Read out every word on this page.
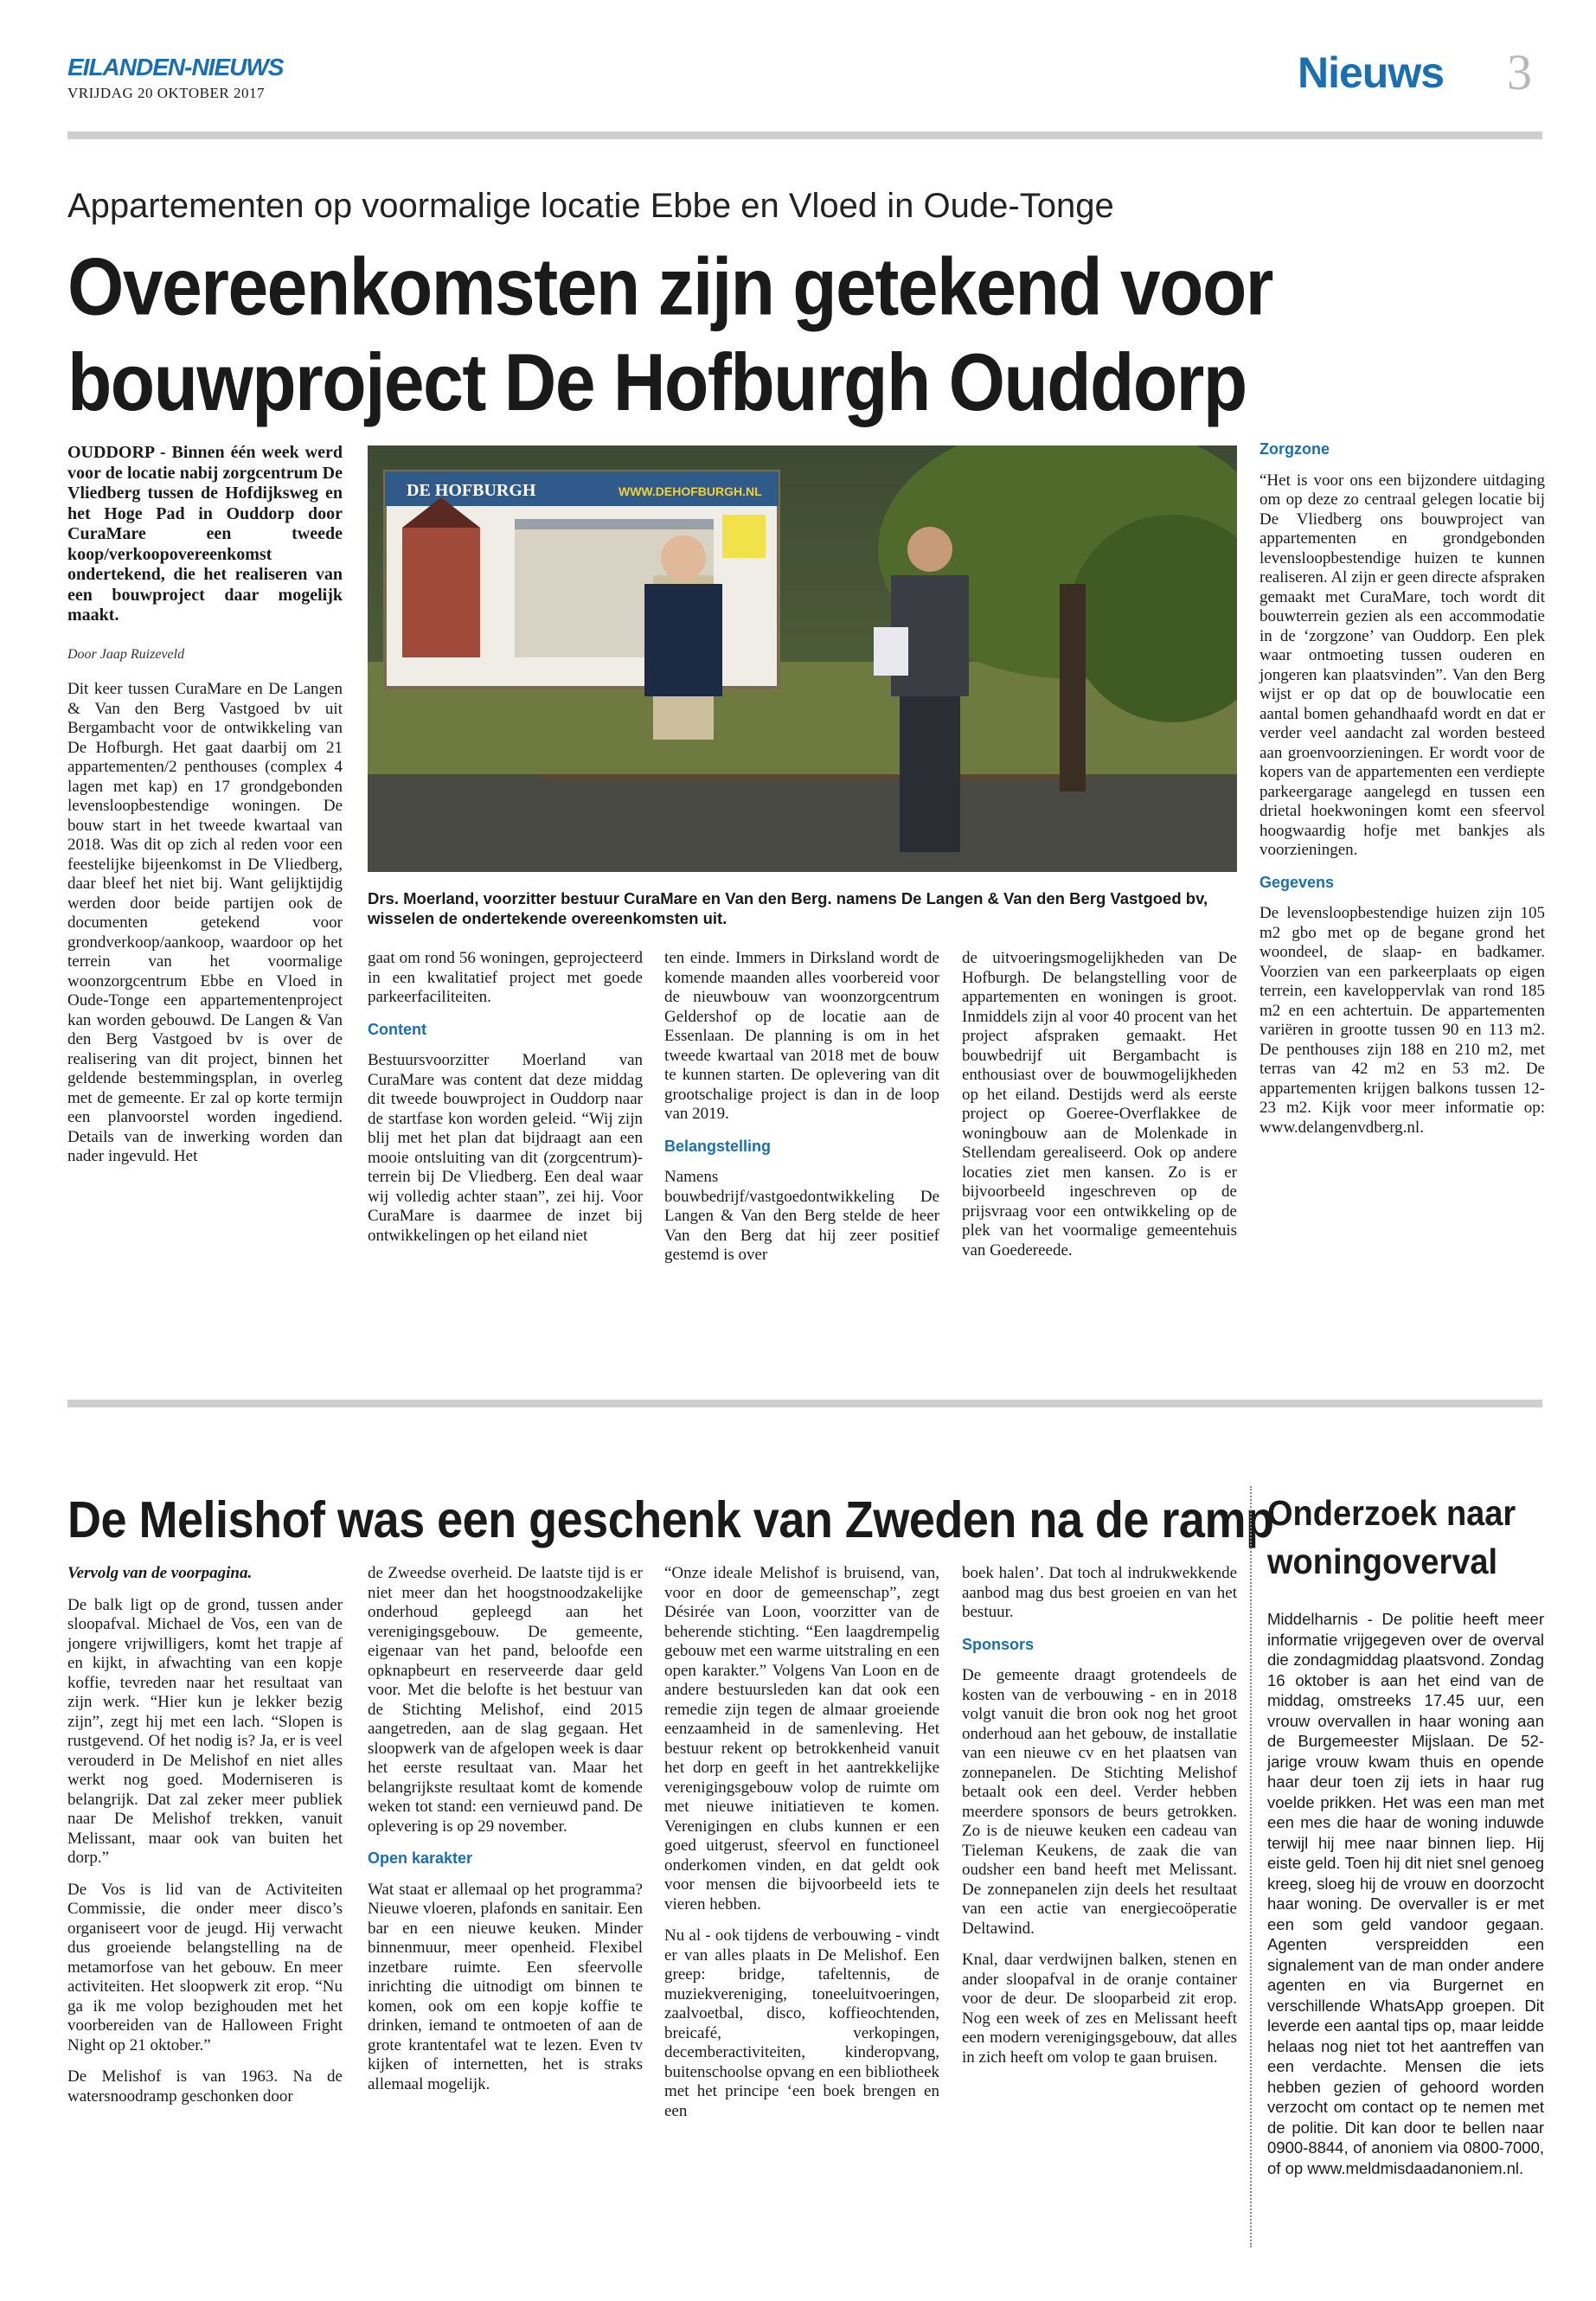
EILANDEN-NIEUWS
VRIJDAG 20 OKTOBER 2017	Nieuws 3
Appartementen op voormalige locatie Ebbe en Vloed in Oude-Tonge
Overeenkomsten zijn getekend voor bouwproject De Hofburgh Ouddorp

OUDDORP - Binnen één week werd voor de locatie nabij zorgcentrum De Vliedberg tussen de Hofdijksweg en het Hoge Pad in Ouddorp door CuraMare een tweede koop/verkoopovereenkomst ondertekend, die het realiseren van een bouwproject daar mogelijk maakt.

Door Jaap Ruizeveld

Dit keer tussen CuraMare en De Langen & Van den Berg Vastgoed bv uit Bergambacht voor de ontwikkeling van De Hofburgh. Het gaat daarbij om 21 appartementen/2 penthouses (complex 4 lagen met kap) en 17 grondgebonden levensloopbestendige woningen. De bouw start in het tweede kwartaal van 2018. Was dit op zich al reden voor een feestelijke bijeenkomst in De Vliedberg, daar bleef het niet bij. Want gelijktijdig werden door beide partijen ook de documenten getekend voor grondverkoop/aankoop, waardoor op het terrein van het voormalige woonzorgcentrum Ebbe en Vloed in Oude-Tonge een appartementenproject kan worden gebouwd. De Langen & Van den Berg Vastgoed bv is over de realisering van dit project, binnen het geldende bestemmingsplan, in overleg met de gemeente. Er zal op korte termijn een planvoorstel worden ingediend. Details van de inwerking worden dan nader ingevuld. Het

DE HOFBURGH	WWW.DEHOFBURGH.NL
Drs. Moerland, voorzitter bestuur CuraMare en Van den Berg. namens De Langen & Van den Berg Vastgoed bv, wisselen de ondertekende overeenkomsten uit.

gaat om rond 56 woningen, geprojecteerd in een kwalitatief project met goede parkeerfaciliteiten.

Content

Bestuursvoorzitter Moerland van CuraMare was content dat deze middag dit tweede bouwproject in Ouddorp naar de startfase kon worden geleid. “Wij zijn blij met het plan dat bijdraagt aan een mooie ontsluiting van dit (zorgcentrum)-terrein bij De Vliedberg. Een deal waar wij volledig achter staan”, zei hij. Voor CuraMare is daarmee de inzet bij ontwikkelingen op het eiland niet

ten einde. Immers in Dirksland wordt de komende maanden alles voorbereid voor de nieuwbouw van woonzorgcentrum Geldershof op de locatie aan de Essenlaan. De planning is om in het tweede kwartaal van 2018 met de bouw te kunnen starten. De oplevering van dit grootschalige project is dan in de loop van 2019.

Belangstelling

Namens bouwbedrijf/vastgoedontwikkeling De Langen & Van den Berg stelde de heer Van den Berg dat hij zeer positief gestemd is over

de uitvoeringsmogelijkheden van De Hofburgh. De belangstelling voor de appartementen en woningen is groot. Inmiddels zijn al voor 40 procent van het project afspraken gemaakt. Het bouwbedrijf uit Bergambacht is enthousiast over de bouwmogelijkheden op het eiland. Destijds werd als eerste project op Goeree-Overflakkee de woningbouw aan de Molenkade in Stellendam gerealiseerd. Ook op andere locaties ziet men kansen. Zo is er bijvoorbeeld ingeschreven op de prijsvraag voor een ontwikkeling op de plek van het voormalige gemeentehuis van Goedereede.

Zorgzone

“Het is voor ons een bijzondere uitdaging om op deze zo centraal gelegen locatie bij De Vliedberg ons bouwproject van appartementen en grondgebonden levensloopbestendige huizen te kunnen realiseren. Al zijn er geen directe afspraken gemaakt met CuraMare, toch wordt dit bouwterrein gezien als een accommodatie in de ‘zorgzone’ van Ouddorp. Een plek waar ontmoeting tussen ouderen en jongeren kan plaatsvinden”. Van den Berg wijst er op dat op de bouwlocatie een aantal bomen gehandhaafd wordt en dat er verder veel aandacht zal worden besteed aan groenvoorzieningen. Er wordt voor de kopers van de appartementen een verdiepte parkeergarage aangelegd en tussen een drietal hoekwoningen komt een sfeervol hoogwaardig hofje met bankjes als voorzieningen.

Gegevens

De levensloopbestendige huizen zijn 105 m2 gbo met op de begane grond het woondeel, de slaap- en badkamer. Voorzien van een parkeerplaats op eigen terrein, een kaveloppervlak van rond 185 m2 en een achtertuin. De appartementen variëren in grootte tussen 90 en 113 m2. De penthouses zijn 188 en 210 m2, met terras van 42 m2 en 53 m2. De appartementen krijgen balkons tussen 12-23 m2. Kijk voor meer informatie op: www.delangenvdberg.nl.

De Melishof was een geschenk van Zweden na de ramp

Vervolg van de voorpagina.

De balk ligt op de grond, tussen ander sloopafval. Michael de Vos, een van de jongere vrijwilligers, komt het trapje af en kijkt, in afwachting van een kopje koffie, tevreden naar het resultaat van zijn werk. “Hier kun je lekker bezig zijn”, zegt hij met een lach. “Slopen is rustgevend. Of het nodig is? Ja, er is veel verouderd in De Melishof en niet alles werkt nog goed. Moderniseren is belangrijk. Dat zal zeker meer publiek naar De Melishof trekken, vanuit Melissant, maar ook van buiten het dorp.”

De Vos is lid van de Activiteiten Commissie, die onder meer disco’s organiseert voor de jeugd. Hij verwacht dus groeiende belangstelling na de metamorfose van het gebouw. En meer activiteiten. Het sloopwerk zit erop. “Nu ga ik me volop bezighouden met het voorbereiden van de Halloween Fright Night op 21 oktober.”

De Melishof is van 1963. Na de watersnoodramp geschonken door

de Zweedse overheid. De laatste tijd is er niet meer dan het hoogstnoodzakelijke onderhoud gepleegd aan het verenigingsgebouw. De gemeente, eigenaar van het pand, beloofde een opknapbeurt en reserveerde daar geld voor. Met die belofte is het bestuur van de Stichting Melishof, eind 2015 aangetreden, aan de slag gegaan. Het sloopwerk van de afgelopen week is daar het eerste resultaat van. Maar het belangrijkste resultaat komt de komende weken tot stand: een vernieuwd pand. De oplevering is op 29 november.

Open karakter

Wat staat er allemaal op het programma? Nieuwe vloeren, plafonds en sanitair. Een bar en een nieuwe keuken. Minder binnenmuur, meer openheid. Flexibel inzetbare ruimte. Een sfeervolle inrichting die uitnodigt om binnen te komen, ook om een kopje koffie te drinken, iemand te ontmoeten of aan de grote krantentafel wat te lezen. Even tv kijken of internetten, het is straks allemaal mogelijk.

“Onze ideale Melishof is bruisend, van, voor en door de gemeenschap”, zegt Désirée van Loon, voorzitter van de beherende stichting. “Een laagdrempelig gebouw met een warme uitstraling en een open karakter.” Volgens Van Loon en de andere bestuursleden kan dat ook een remedie zijn tegen de almaar groeiende eenzaamheid in de samenleving. Het bestuur rekent op betrokkenheid vanuit het dorp en geeft in het aantrekkelijke verenigingsgebouw volop de ruimte om met nieuwe initiatieven te komen. Verenigingen en clubs kunnen er een goed uitgerust, sfeervol en functioneel onderkomen vinden, en dat geldt ook voor mensen die bijvoorbeeld iets te vieren hebben.

Nu al - ook tijdens de verbouwing - vindt er van alles plaats in De Melishof. Een greep: bridge, tafeltennis, de muziekvereniging, toneeluitvoeringen, zaalvoetbal, disco, koffieochtenden, breicafé, verkopingen, decemberactiviteiten, kinderopvang, buitenschoolse opvang en een bibliotheek met het principe ‘een boek brengen en een

boek halen’. Dat toch al indrukwekkende aanbod mag dus best groeien en van het bestuur.

Sponsors

De gemeente draagt grotendeels de kosten van de verbouwing - en in 2018 volgt vanuit die bron ook nog het groot onderhoud aan het gebouw, de installatie van een nieuwe cv en het plaatsen van zonnepanelen. De Stichting Melishof betaalt ook een deel. Verder hebben meerdere sponsors de beurs getrokken. Zo is de nieuwe keuken een cadeau van Tieleman Keukens, de zaak die van oudsher een band heeft met Melissant. De zonnepanelen zijn deels het resultaat van een actie van energiecoöperatie Deltawind.

Knal, daar verdwijnen balken, stenen en ander sloopafval in de oranje container voor de deur. De slooparbeid zit erop. Nog een week of zes en Melissant heeft een modern verenigingsgebouw, dat alles in zich heeft om volop te gaan bruisen.

Onderzoek naar woningoverval
Middelharnis - De politie heeft meer informatie vrijgegeven over de overval die zondagmiddag plaatsvond. Zondag 16 oktober is aan het eind van de middag, omstreeks 17.45 uur, een vrouw overvallen in haar woning aan de Burgemeester Mijslaan. De 52-jarige vrouw kwam thuis en opende haar deur toen zij iets in haar rug voelde prikken. Het was een man met een mes die haar de woning induwde terwijl hij mee naar binnen liep. Hij eiste geld. Toen hij dit niet snel genoeg kreeg, sloeg hij de vrouw en doorzocht haar woning. De overvaller is er met een som geld vandoor gegaan. Agenten verspreidden een signalement van de man onder andere agenten en via Burgernet en verschillende WhatsApp groepen. Dit leverde een aantal tips op, maar leidde helaas nog niet tot het aantreffen van een verdachte. Mensen die iets hebben gezien of gehoord worden verzocht om contact op te nemen met de politie. Dit kan door te bellen naar 0900-8844, of anoniem via 0800-7000, of op www.meldmisdaadanoniem.nl.
